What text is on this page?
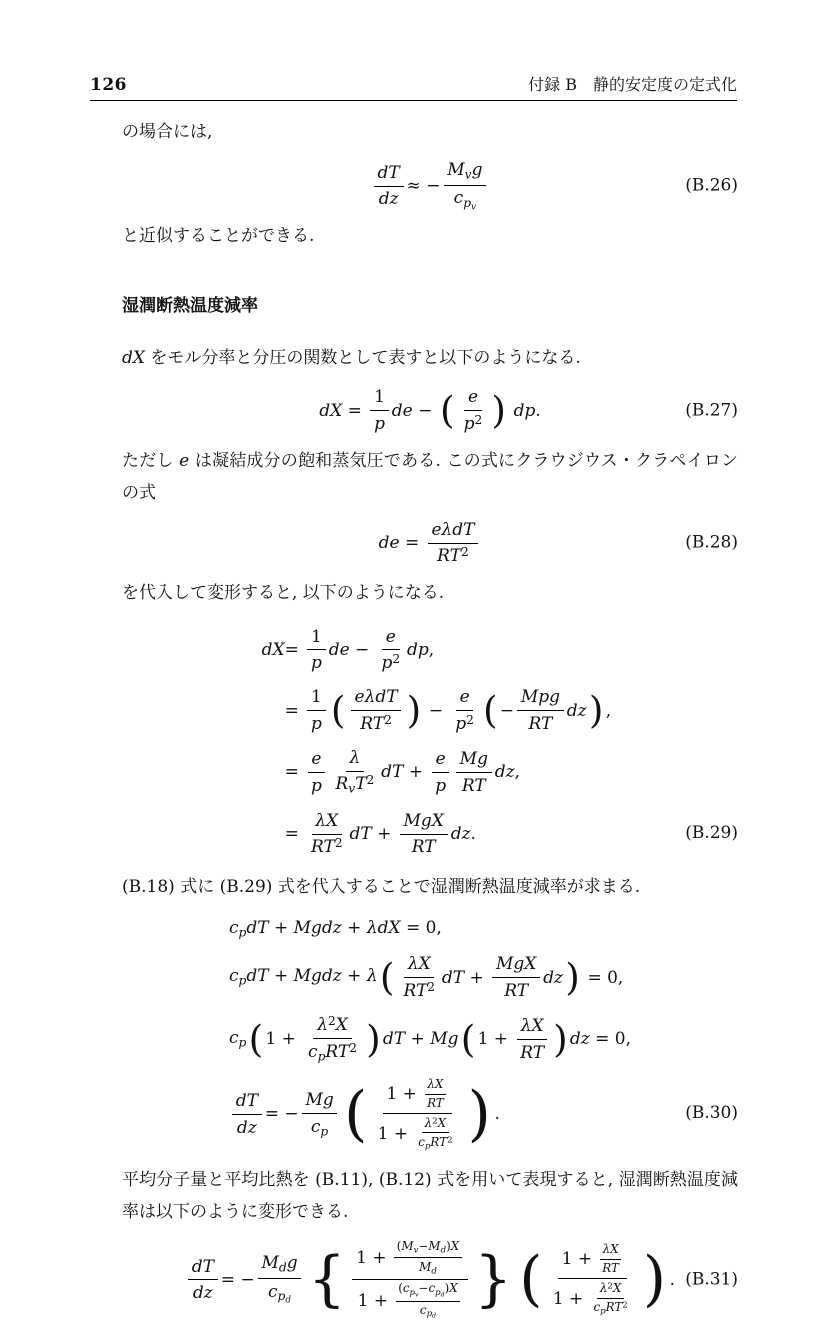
126	付録 B　静的安定度の定式化

の場合には,

$\frac{dT}{dz}$ ≈ −
$M_vg$
$c_{p_v}$
(B.26)

と近似することができる.

湿潤断熱温度減率

dX をモル分率と分圧の関数として表すと以下のようになる.

dX = $\frac{1}{p}$ de − ( $\frac{e}{p^2}$ ) dp.	(B.27)

ただし e は凝結成分の飽和蒸気圧である. この式にクラウジウス・クラペイロンの式

de =
eλdT
$RT^2$	(B.28)

を代入して変形すると, 以下のようになる.

dX = $\frac{1}{p}$ de − $\frac{e}{p^2}$ dp,
= $\frac{1}{p}$ ( eλdT
$RT^2$ ) − $\frac{e}{p^2}$ ( −
Mpg
RT
dz ) ,
= $\frac{e}{p}$ λ
$R_vT^2$ dT + $\frac{e}{p} \frac{Mg}{RT}$ dz,
= $\frac{\lambda X}{RT^2}$ dT +
MgX
RT
dz.	(B.29)

(B.18) 式に (B.29) 式を代入することで湿潤断熱温度減率が求まる.

$c_pdT$ + Mgdz + λdX = 0,
$c_pdT$ + Mgdz + λ ( $\frac{\lambda X}{RT^2}$ dT +
MgX
RT
dz ) = 0,
$c_p$ ( 1 +
$\lambda^2X$
$c_pRT^2$ ) dT + Mg ( $1 + \frac{\lambda X}{RT}$ ) dz = 0,
$\frac{dT}{dz}$ = − $\frac{Mg}{c_p}$ ( $1 + \frac{\lambda X}{RT}$
1 +
$\lambda^2X$
$c_pRT^2$ ) .	(B.30)

平均分子量と平均比熱を (B.11), (B.12) 式を用いて表現すると, 湿潤断熱温度減率は以下のように変形できる.

$\frac{dT}{dz}$ = −
$M_dg$
$c_{p_d}$ { $1 + \frac{(M_v-M_d)X}{M_d}$
1 +
$(c_{p_v}-c_{p_d})X$
$c_{p_d}$
} ( $1 + \frac{\lambda X}{RT}$
1 +
$\lambda^2X$
$c_pRT^2$ ) . (B.31)
